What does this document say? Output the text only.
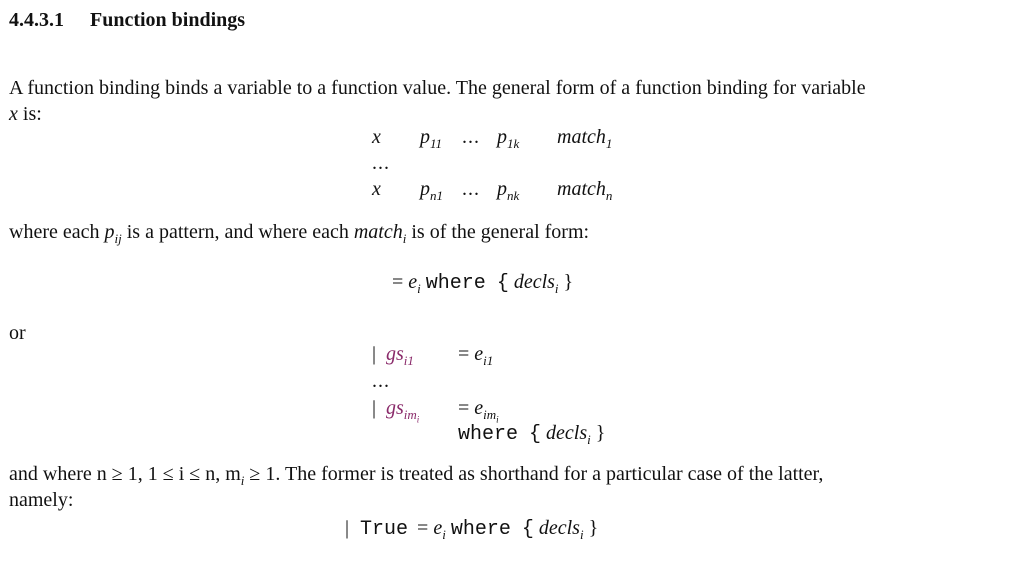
4.4.3.1 Function bindings
A function binding binds a variable to a function value. The general form of a function binding for variable
x is:
x $p_{11}$ ... $p_{1k}$ match$_1$
...
x $p_{n1}$ ... $p_{nk}$ match$_n$
where each $p_{ij}$ is a pattern, and where each match$_i$ is of the general form:
= $e_i$ where { decls$_i$ }
or
| $gs_{i1} = e_{i1}$
...
| $gs_{im_i}$
= $e_{im_i}$
where { decls$_i$ }
and where n ≥ 1, 1 ≤ i ≤ n, $m_i \ge 1$. The former is treated as shorthand for a particular case of the latter,
namely:
| True = $e_i$ where { decls$_i$ }
